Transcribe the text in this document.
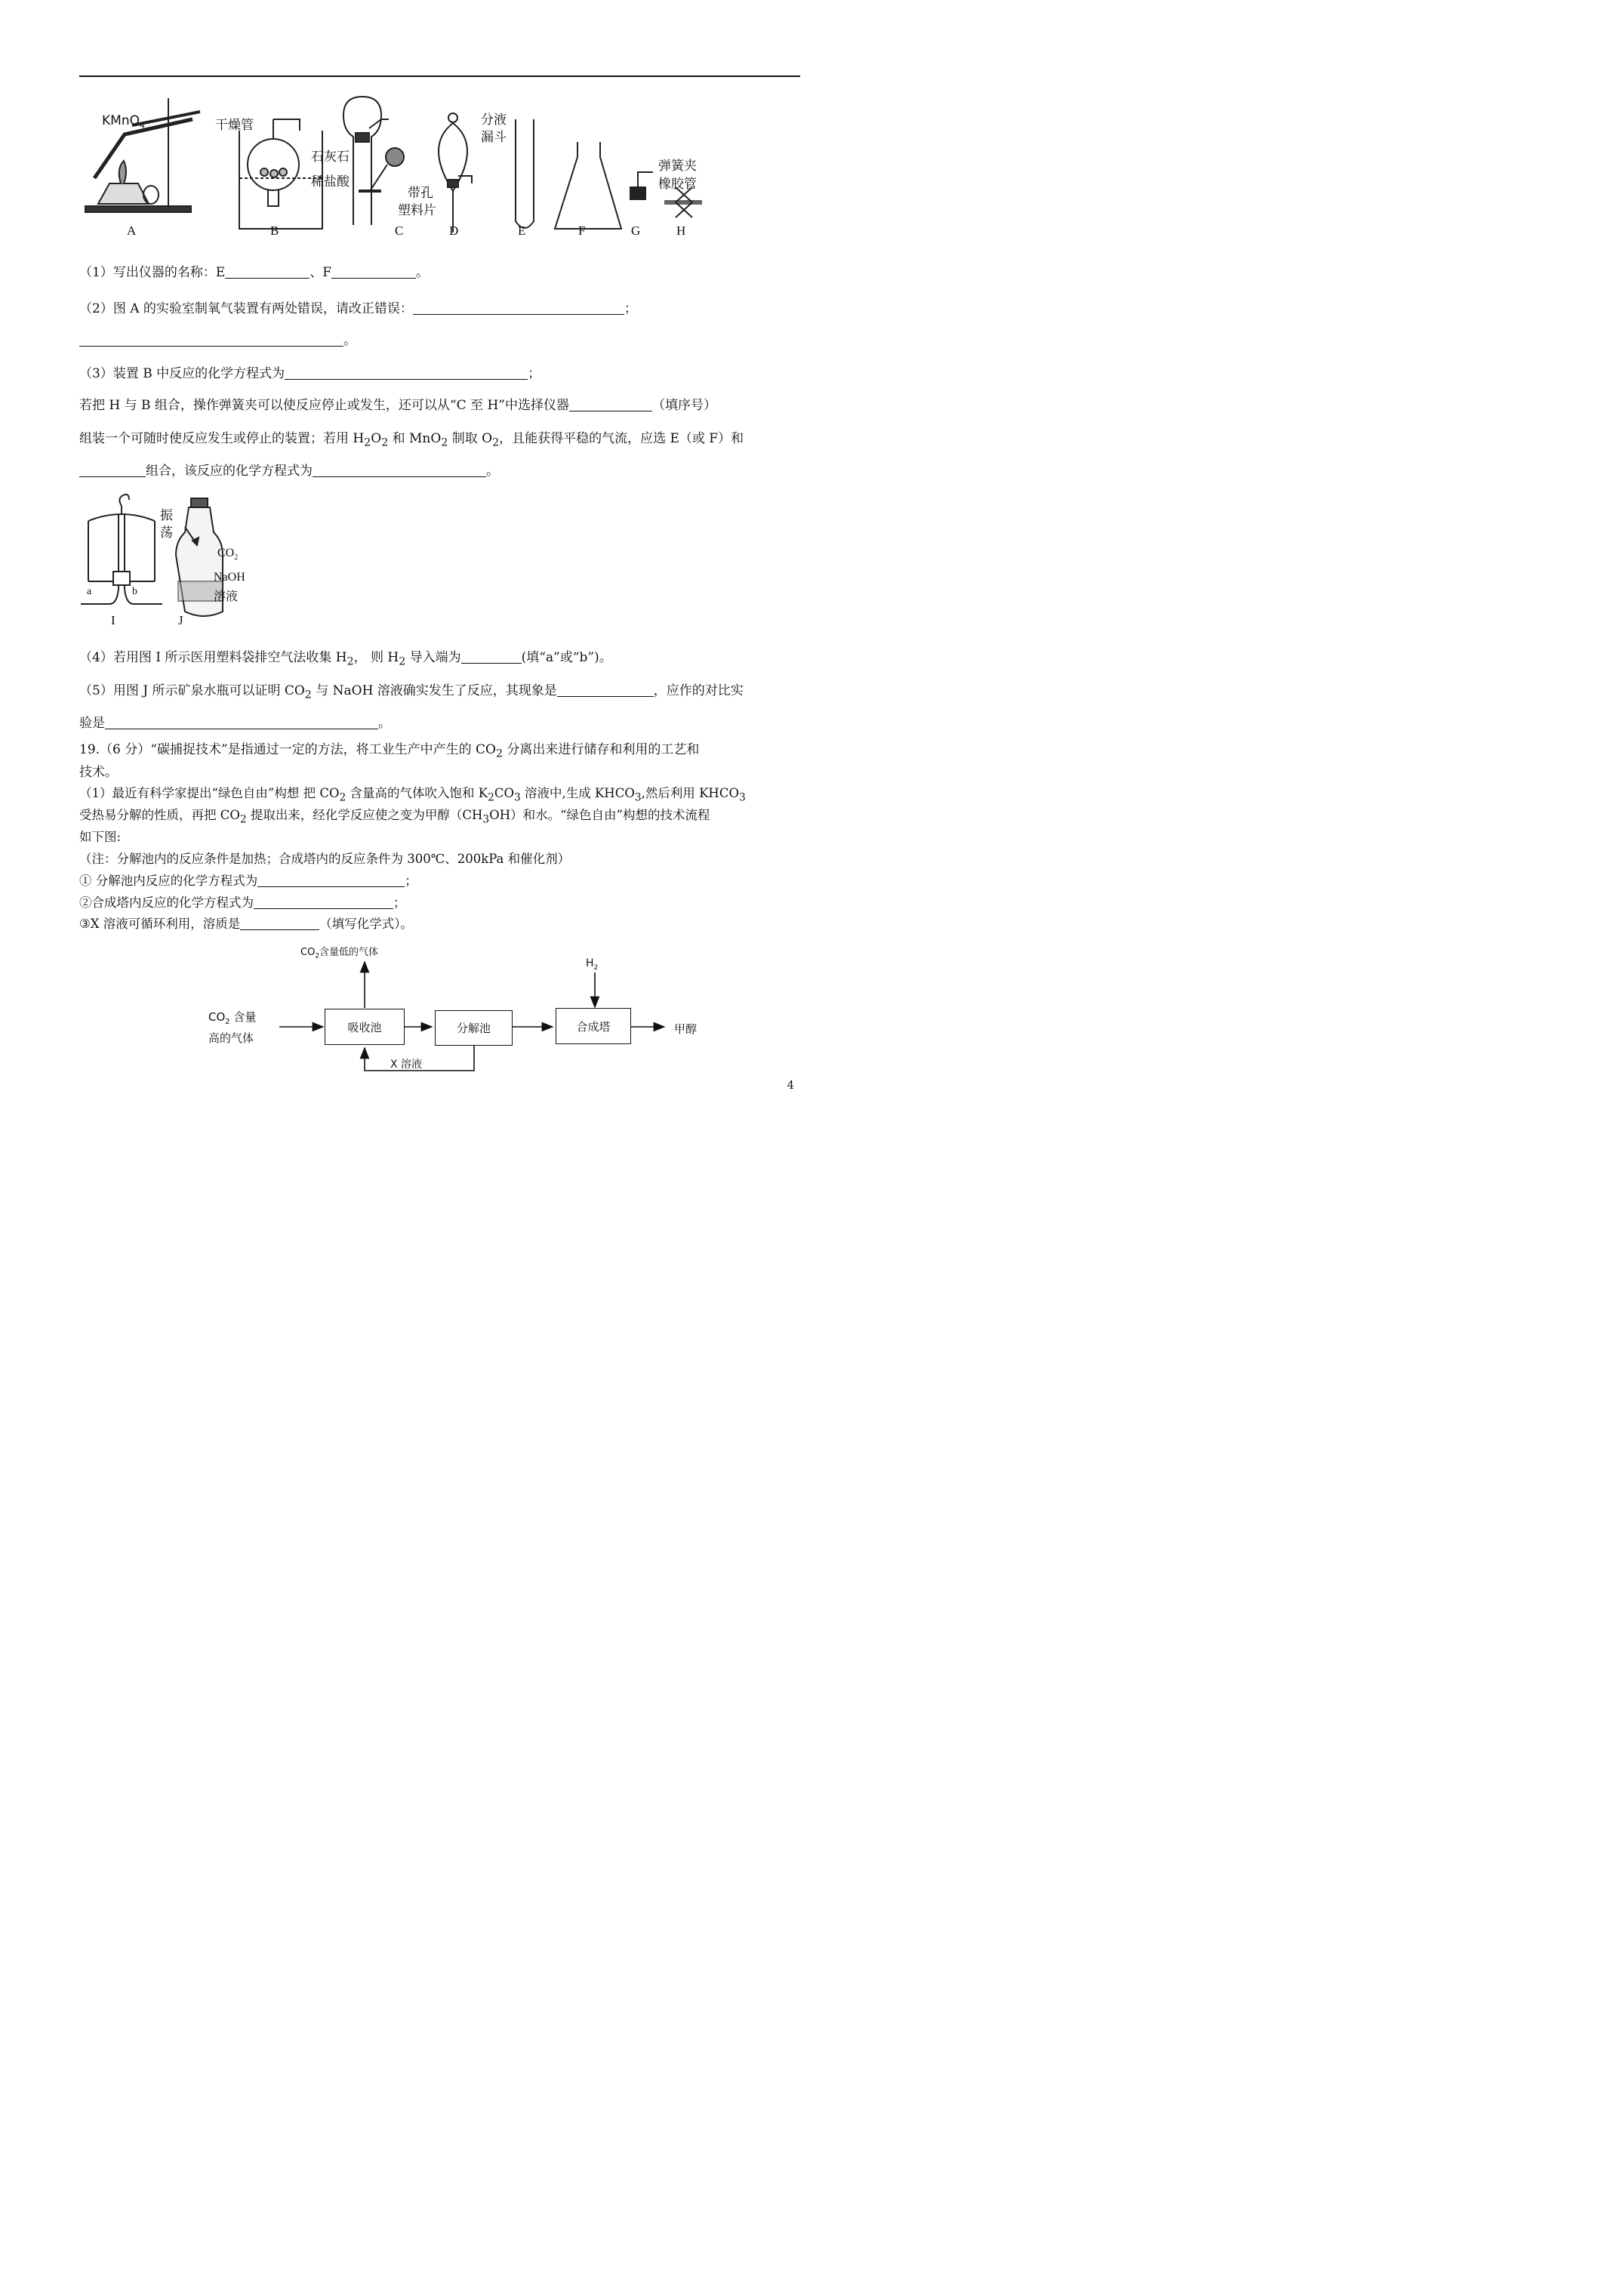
KMnO$_4$	干燥管
石灰石
稀盐酸
带孔
塑料片
分液
漏斗
弹簧夹
橡胶管
A	B	C	D	E	F	G	H
（1）写出仪器的名称：E	、F	。
（2）图 A 的实验室制氧气装置有两处错误，请改正错误：	；
。
（3）装置 B 中反应的化学方程式为	；
若把 H 与 B 组合，操作弹簧夹可以使反应停止或发生，还可以从“C 至 H”中选择仪器	（填序号）
组装一个可随时使反应发生或停止的装置；若用 $H_2O_2$ 和 MnO$_2$ 制取 $O_2$，且能获得平稳的气流，应选 E（或 F）和
组合，该反应的化学方程式为	。
a	b
振
荡
$CO_2$
NaOH
溶液
I	J
（4）若用图 I 所示医用塑料袋排空气法收集 $H_2$， 则 $H_2$ 导入端为	(填“a”或“b”)。
（5）用图 J 所示矿泉水瓶可以证明 $CO_2$ 与 NaOH 溶液确实发生了反应，其现象是	，应作的对比实
验是	。
19.（6 分）“碳捕捉技术”是指通过一定的方法，将工业生产中产生的 $CO_2$ 分离出来进行储存和利用的工艺和
技术。
（1）最近有科学家提出“绿色自由”构想 把 $CO_2$ 含量高的气体吹入饱和 $K_2CO_3$ 溶液中,生成 $KHCO_3$,然后利用 $KHCO_3$
受热易分解的性质，再把 $CO_2$ 提取出来，经化学反应使之变为甲醇$(CH_3OH)$和水。“绿色自由”构想的技术流程
如下图:
（注：分解池内的反应条件是加热；合成塔内的反应条件为 300℃、200kPa 和催化剂）
① 分解池内反应的化学方程式为	；
②合成塔内反应的化学方程式为	；
③X 溶液可循环利用，溶质是	（填写化学式）。
$CO_2$含量低的气体
$H_2$
$CO_2$ 含量
高的气体
吸收池	分解池	合成塔	甲醇
X 溶液
4
